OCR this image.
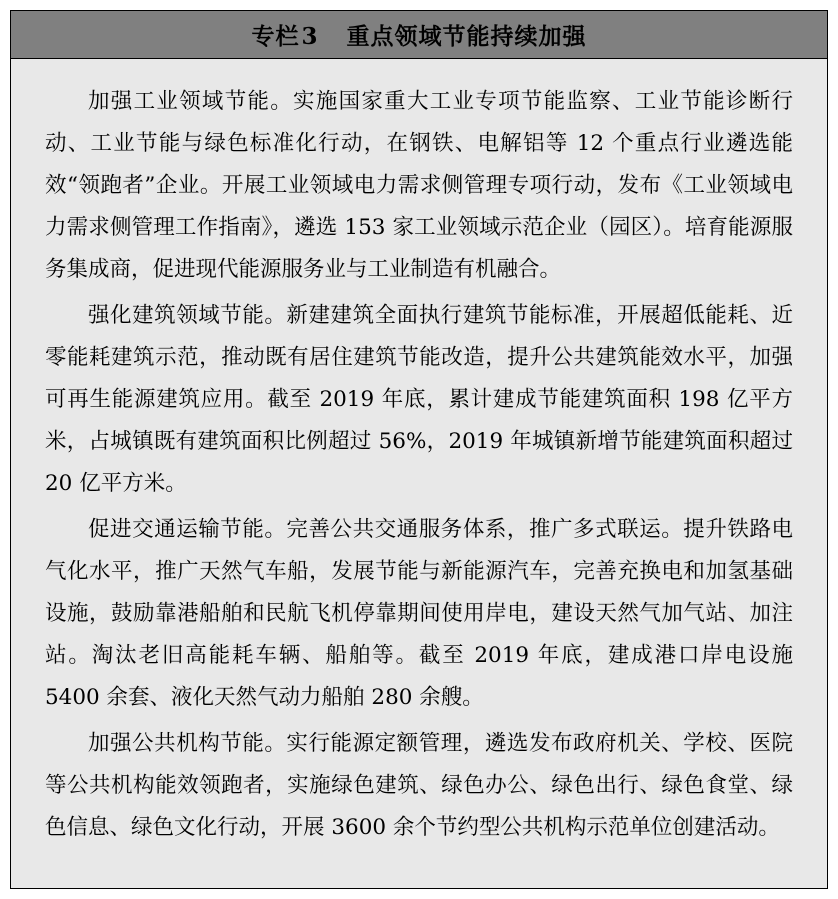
专栏3 重点领域节能持续加强

加强工业领域节能。实施国家重大工业专项节能监察、工业节能诊断行动、工业节能与绿色标准化行动，在钢铁、电解铝等 12 个重点行业遴选能效“领跑者”企业。开展工业领域电力需求侧管理专项行动，发布《工业领域电力需求侧管理工作指南》，遴选 153 家工业领域示范企业（园区）。培育能源服务集成商，促进现代能源服务业与工业制造有机融合。

强化建筑领域节能。新建建筑全面执行建筑节能标准，开展超低能耗、近零能耗建筑示范，推动既有居住建筑节能改造，提升公共建筑能效水平，加强可再生能源建筑应用。截至 2019 年底，累计建成节能建筑面积 198 亿平方米，占城镇既有建筑面积比例超过 56%，2019 年城镇新增节能建筑面积超过 20 亿平方米。

促进交通运输节能。完善公共交通服务体系，推广多式联运。提升铁路电气化水平，推广天然气车船，发展节能与新能源汽车，完善充换电和加氢基础设施，鼓励靠港船舶和民航飞机停靠期间使用岸电，建设天然气加气站、加注站。淘汰老旧高能耗车辆、船舶等。截至 2019 年底，建成港口岸电设施 5400 余套、液化天然气动力船舶 280 余艘。

加强公共机构节能。实行能源定额管理，遴选发布政府机关、学校、医院等公共机构能效领跑者，实施绿色建筑、绿色办公、绿色出行、绿色食堂、绿色信息、绿色文化行动，开展 3600 余个节约型公共机构示范单位创建活动。
